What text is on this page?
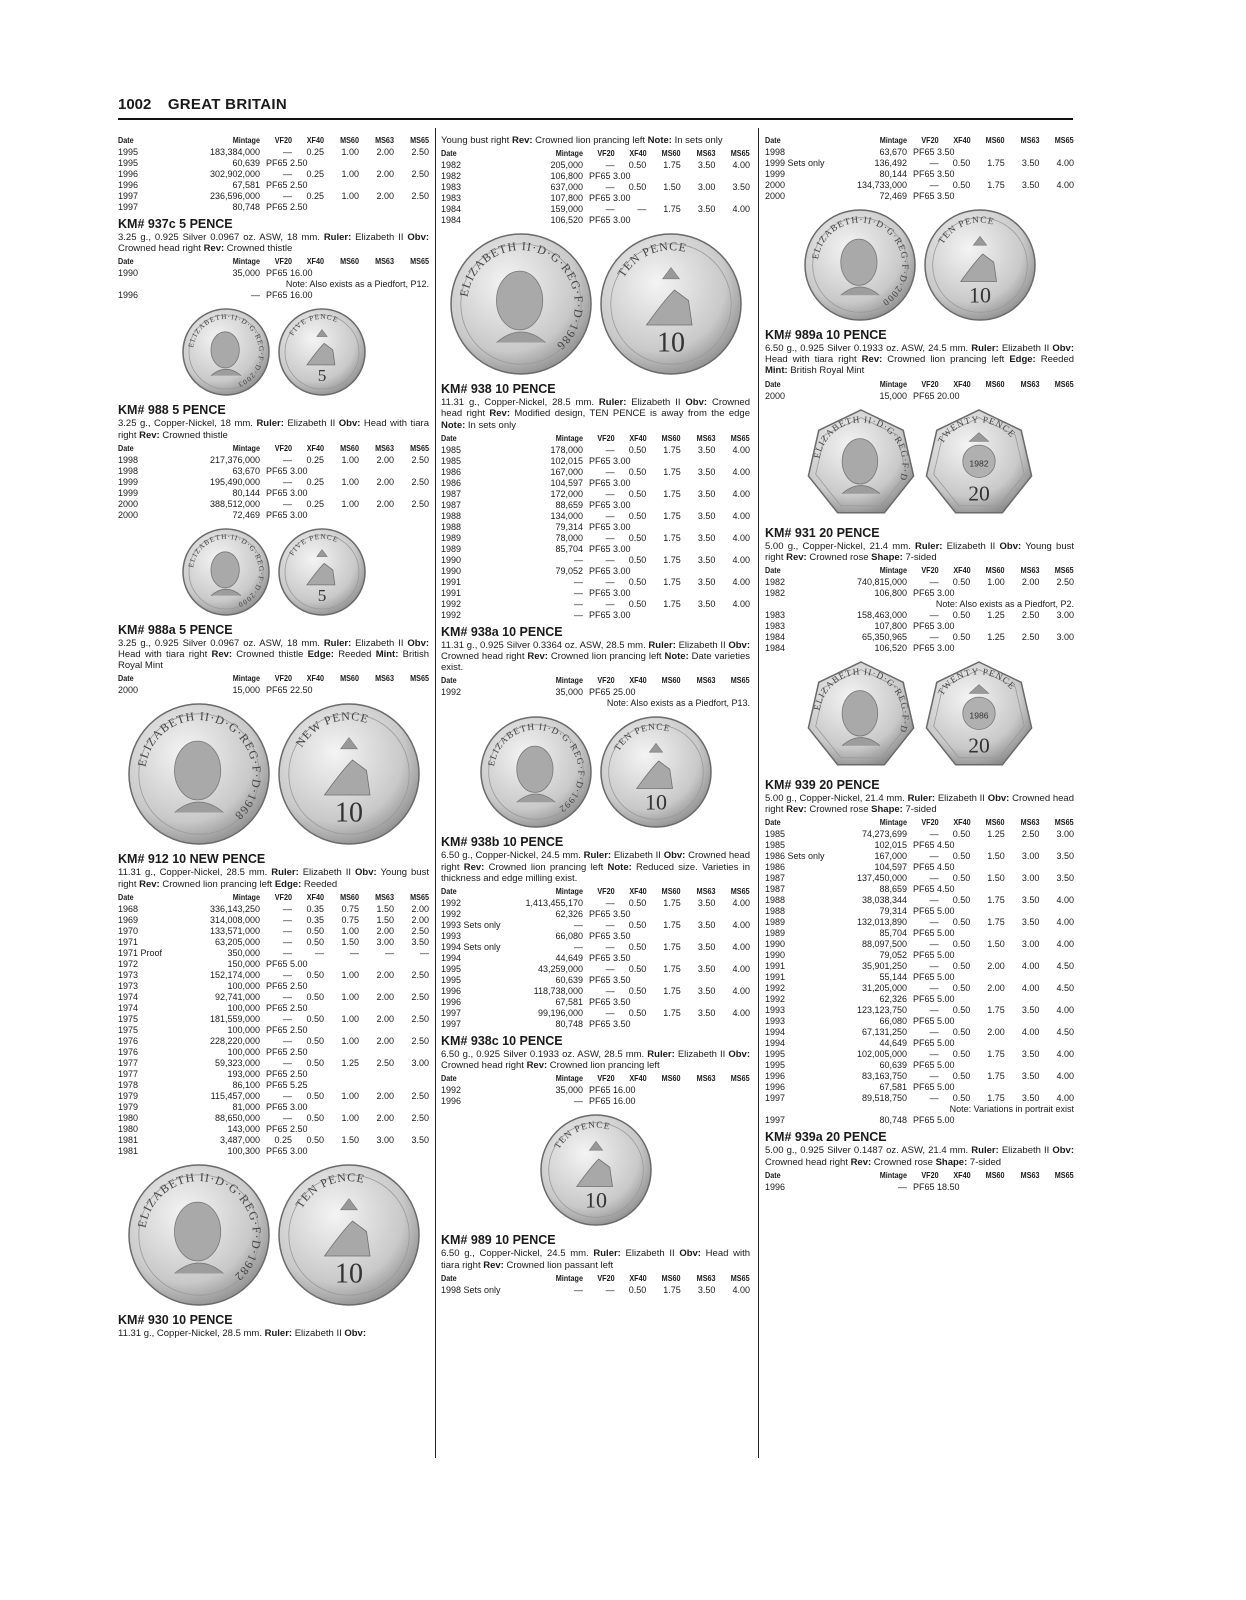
1002 GREAT BRITAIN
Date	Mintage	VF20	XF40	MS60	MS63	MS65
1995	183,384,000	—	0.25	1.00	2.00	2.50
1995	60,639	PF65 2.50				
1996	302,902,000	—	0.25	1.00	2.00	2.50
1996	67,581	PF65 2.50				
1997	236,596,000	—	0.25	1.00	2.00	2.50
1997	80,748	PF65 2.50				
KM# 937c 5 PENCE
3.25 g., 0.925 Silver 0.0967 oz. ASW, 18 mm. Ruler: Elizabeth II Obv: Crowned head right Rev: Crowned thistle
Date	Mintage	VF20	XF40	MS60	MS63	MS65
1990	35,000	PF65 16.00				

Note: Also exists as a Piedfort, P12.						

1996	—	PF65 16.00				
ELIZABETH·II·D·G·REG·F·D·2003
FIVE PENCE
5
KM# 988 5 PENCE
3.25 g., Copper-Nickel, 18 mm. Ruler: Elizabeth II Obv: Head with tiara right Rev: Crowned thistle
Date	Mintage	VF20	XF40	MS60	MS63	MS65
1998	217,376,000	—	0.25	1.00	2.00	2.50
1998	63,670	PF65 3.00				
1999	195,490,000	—	0.25	1.00	2.00	2.50
1999	80,144	PF65 3.00				
2000	388,512,000	—	0.25	1.00	2.00	2.50
2000	72,469	PF65 3.00				
ELIZABETH·II·D·G·REG·F·D·2000
FIVE PENCE
5
KM# 988a 5 PENCE
3.25 g., 0.925 Silver 0.0967 oz. ASW, 18 mm. Ruler: Elizabeth II Obv: Head with tiara right Rev: Crowned thistle Edge: Reeded Mint: British Royal Mint
Date	Mintage	VF20	XF40	MS60	MS63	MS65
2000	15,000	PF65 22.50				
ELIZABETH II·D·G·REG·F·D·1968
NEW PENCE
10
KM# 912 10 NEW PENCE
11.31 g., Copper-Nickel, 28.5 mm. Ruler: Elizabeth II Obv: Young bust right Rev: Crowned lion prancing left Edge: Reeded
Date	Mintage	VF20	XF40	MS60	MS63	MS65
1968	336,143,250	—	0.35	0.75	1.50	2.00
1969	314,008,000	—	0.35	0.75	1.50	2.00
1970	133,571,000	—	0.50	1.00	2.00	2.50
1971	63,205,000	—	0.50	1.50	3.00	3.50
1971 Proof	350,000	—	—	—	—	—
1972	150,000	PF65 5.00				
1973	152,174,000	—	0.50	1.00	2.00	2.50
1973	100,000	PF65 2.50				
1974	92,741,000	—	0.50	1.00	2.00	2.50
1974	100,000	PF65 2.50				
1975	181,559,000	—	0.50	1.00	2.00	2.50
1975	100,000	PF65 2.50				
1976	228,220,000	—	0.50	1.00	2.00	2.50
1976	100,000	PF65 2.50				
1977	59,323,000	—	0.50	1.25	2.50	3.00
1977	193,000	PF65 2.50				
1978	86,100	PF65 5.25				
1979	115,457,000	—	0.50	1.00	2.00	2.50
1979	81,000	PF65 3.00				
1980	88,650,000	—	0.50	1.00	2.00	2.50
1980	143,000	PF65 2.50				
1981	3,487,000	0.25	0.50	1.50	3.00	3.50
1981	100,300	PF65 3.00				
ELIZABETH II·D·G·REG·F·D·1982
TEN PENCE
10
KM# 930 10 PENCE
11.31 g., Copper-Nickel, 28.5 mm. Ruler: Elizabeth II Obv:
Young bust right Rev: Crowned lion prancing left Note: In sets only
Date	Mintage	VF20	XF40	MS60	MS63	MS65
1982	205,000	—	0.50	1.75	3.50	4.00
1982	106,800	PF65 3.00				
1983	637,000	—	0.50	1.50	3.00	3.50
1983	107,800	PF65 3.00				
1984	159,000	—	—	1.75	3.50	4.00
1984	106,520	PF65 3.00				
ELIZABETH II·D·G·REG·F·D·1986
TEN PENCE
10
KM# 938 10 PENCE
11.31 g., Copper-Nickel, 28.5 mm. Ruler: Elizabeth II Obv: Crowned head right Rev: Modified design, TEN PENCE is away from the edge Note: In sets only
Date	Mintage	VF20	XF40	MS60	MS63	MS65
1985	178,000	—	0.50	1.75	3.50	4.00
1985	102,015	PF65 3.00				
1986	167,000	—	0.50	1.75	3.50	4.00
1986	104,597	PF65 3.00				
1987	172,000	—	0.50	1.75	3.50	4.00
1987	88,659	PF65 3.00				
1988	134,000	—	0.50	1.75	3.50	4.00
1988	79,314	PF65 3.00				
1989	78,000	—	0.50	1.75	3.50	4.00
1989	85,704	PF65 3.00				
1990	—	—	0.50	1.75	3.50	4.00
1990	79,052	PF65 3.00				
1991	—	—	0.50	1.75	3.50	4.00
1991	—	PF65 3.00				
1992	—	—	0.50	1.75	3.50	4.00
1992	—	PF65 3.00				
KM# 938a 10 PENCE
11.31 g., 0.925 Silver 0.3364 oz. ASW, 28.5 mm. Ruler: Elizabeth II Obv: Crowned head right Rev: Crowned lion prancing left Note: Date varieties exist.
Date	Mintage	VF20	XF40	MS60	MS63	MS65
1992	35,000	PF65 25.00				

Note: Also exists as a Piedfort, P13.						
ELIZABETH II·D·G·REG·F·D·1992
TEN PENCE
10
KM# 938b 10 PENCE
6.50 g., Copper-Nickel, 24.5 mm. Ruler: Elizabeth II Obv: Crowned head right Rev: Crowned lion prancing left Note: Reduced size. Varieties in thickness and edge milling exist.
Date	Mintage	VF20	XF40	MS60	MS63	MS65
1992	1,413,455,170	—	0.50	1.75	3.50	4.00
1992	62,326	PF65 3.50				
1993 Sets only	—	—	0.50	1.75	3.50	4.00
1993	66,080	PF65 3.50				
1994 Sets only	—	—	0.50	1.75	3.50	4.00
1994	44,649	PF65 3.50				
1995	43,259,000	—	0.50	1.75	3.50	4.00
1995	60,639	PF65 3.50				
1996	118,738,000	—	0.50	1.75	3.50	4.00
1996	67,581	PF65 3.50				
1997	99,196,000	—	0.50	1.75	3.50	4.00
1997	80,748	PF65 3.50				
KM# 938c 10 PENCE
6.50 g., 0.925 Silver 0.1933 oz. ASW, 28.5 mm. Ruler: Elizabeth II Obv: Crowned head right Rev: Crowned lion prancing left
Date	Mintage	VF20	XF40	MS60	MS63	MS65
1992	35,000	PF65 16.00				
1996	—	PF65 16.00				
TEN PENCE
10
KM# 989 10 PENCE
6.50 g., Copper-Nickel, 24.5 mm. Ruler: Elizabeth II Obv: Head with tiara right Rev: Crowned lion passant left
Date	Mintage	VF20	XF40	MS60	MS63	MS65
1998 Sets only	—	—	0.50	1.75	3.50	4.00
Date	Mintage	VF20	XF40	MS60	MS63	MS65
1998	63,670	PF65 3.50				
1999 Sets only	136,492	—	0.50	1.75	3.50	4.00
1999	80,144	PF65 3.50				
2000	134,733,000	—	0.50	1.75	3.50	4.00
2000	72,469	PF65 3.50				
ELIZABETH·II·D·G·REG·F·D·2000
TEN PENCE
10
KM# 989a 10 PENCE
6.50 g., 0.925 Silver 0.1933 oz. ASW, 24.5 mm. Ruler: Elizabeth II Obv: Head with tiara right Rev: Crowned lion prancing left Edge: Reeded Mint: British Royal Mint
Date	Mintage	VF20	XF40	MS60	MS63	MS65
2000	15,000	PF65 20.00				
ELIZABETH II·D·G·REG·F·D
TWENTY PENCE
20
1982
KM# 931 20 PENCE
5.00 g., Copper-Nickel, 21.4 mm. Ruler: Elizabeth II Obv: Young bust right Rev: Crowned rose Shape: 7-sided
Date	Mintage	VF20	XF40	MS60	MS63	MS65
1982	740,815,000	—	0.50	1.00	2.00	2.50
1982	106,800	PF65 3.00				

Note: Also exists as a Piedfort, P2.						

1983	158,463,000	—	0.50	1.25	2.50	3.00
1983	107,800	PF65 3.00				
1984	65,350,965	—	0.50	1.25	2.50	3.00
1984	106,520	PF65 3.00				
ELIZABETH II·D·G·REG·F·D
TWENTY PENCE
20
1986
KM# 939 20 PENCE
5.00 g., Copper-Nickel, 21.4 mm. Ruler: Elizabeth II Obv: Crowned head right Rev: Crowned rose Shape: 7-sided
Date	Mintage	VF20	XF40	MS60	MS63	MS65
1985	74,273,699	—	0.50	1.25	2.50	3.00
1985	102,015	PF65 4.50				
1986 Sets only	167,000	—	0.50	1.50	3.00	3.50
1986	104,597	PF65 4.50				
1987	137,450,000	—	0.50	1.50	3.00	3.50
1987	88,659	PF65 4.50				
1988	38,038,344	—	0.50	1.75	3.50	4.00
1988	79,314	PF65 5.00				
1989	132,013,890	—	0.50	1.75	3.50	4.00
1989	85,704	PF65 5.00				
1990	88,097,500	—	0.50	1.50	3.00	4.00
1990	79,052	PF65 5.00				
1991	35,901,250	—	0.50	2.00	4.00	4.50
1991	55,144	PF65 5.00				
1992	31,205,000	—	0.50	2.00	4.00	4.50
1992	62,326	PF65 5.00				
1993	123,123,750	—	0.50	1.75	3.50	4.00
1993	66,080	PF65 5.00				
1994	67,131,250	—	0.50	2.00	4.00	4.50
1994	44,649	PF65 5.00				
1995	102,005,000	—	0.50	1.75	3.50	4.00
1995	60,639	PF65 5.00				
1996	83,163,750	—	0.50	1.75	3.50	4.00
1996	67,581	PF65 5.00				
1997	89,518,750	—	0.50	1.75	3.50	4.00

Note: Variations in portrait exist						

1997	80,748	PF65 5.00				
KM# 939a 20 PENCE
5.00 g., 0.925 Silver 0.1487 oz. ASW, 21.4 mm. Ruler: Elizabeth II Obv: Crowned head right Rev: Crowned rose Shape: 7-sided
Date	Mintage	VF20	XF40	MS60	MS63	MS65
1996	—	PF65 18.50				
